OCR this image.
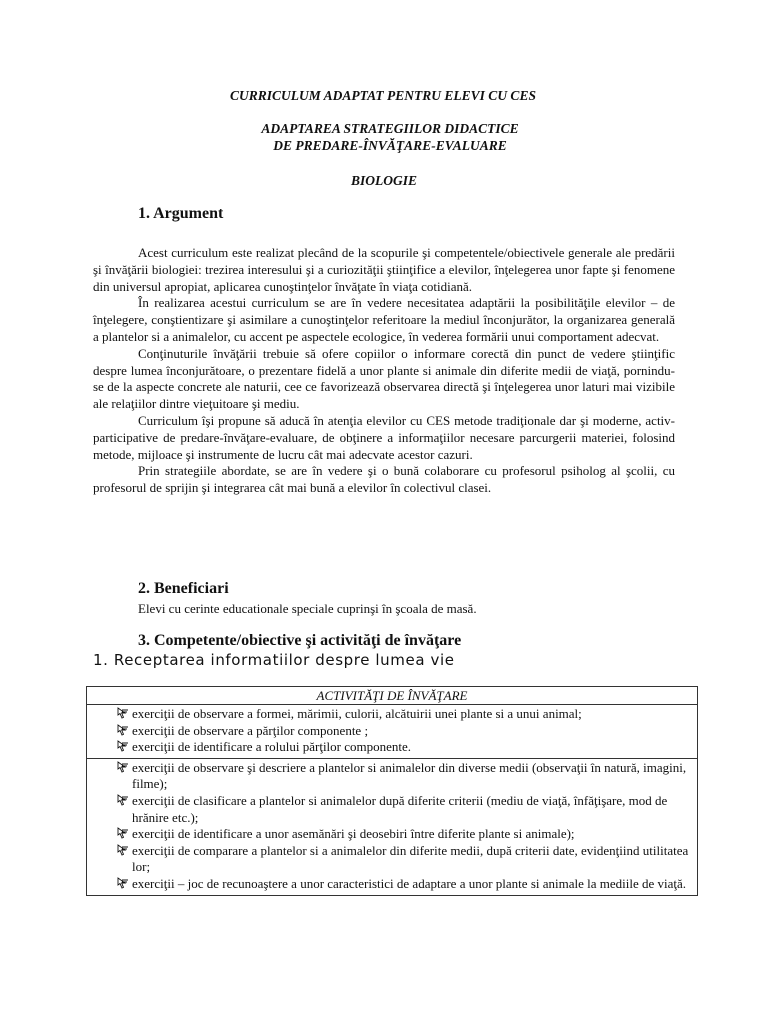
CURRICULUM ADAPTAT PENTRU ELEVI CU CES
ADAPTAREA STRATEGIILOR DIDACTICE
DE PREDARE-ÎNVĂŢARE-EVALUARE
BIOLOGIE
1. Argument

Acest curriculum este realizat plecând de la scopurile şi competentele/obiectivele generale ale predării şi învăţării biologiei: trezirea interesului şi a curiozităţii ştiinţifice a elevilor, înţelegerea unor fapte şi fenomene din universul apropiat, aplicarea cunoştinţelor învăţate în viaţa cotidiană.

În realizarea acestui curriculum se are în vedere necesitatea adaptării la posibilităţile elevilor – de înţelegere, conştientizare şi asimilare a cunoştinţelor referitoare la mediul înconjurător, la organizarea generală a plantelor si a animalelor, cu accent pe aspectele ecologice, în vederea formării unui comportament adecvat.

Conţinuturile învăţării trebuie să ofere copiilor o informare corectă din punct de vedere ştiinţific despre lumea înconjurătoare, o prezentare fidelă a unor plante si animale din diferite medii de viaţă, pornindu-se de la aspecte concrete ale naturii, cee ce favorizează observarea directă şi înţelegerea unor laturi mai vizibile ale relaţiilor dintre vieţuitoare şi mediu.

Curriculum îşi propune să aducă în atenţia elevilor cu CES metode tradiţionale dar şi moderne, activ-participative de predare-învăţare-evaluare, de obţinere a informaţiilor necesare parcurgerii materiei, folosind metode, mijloace şi instrumente de lucru cât mai adecvate acestor cazuri.

Prin strategiile abordate, se are în vedere şi o bună colaborare cu profesorul psiholog al şcolii, cu profesorul de sprijin şi integrarea cât mai bună a elevilor în colectivul clasei.

2. Beneficiari
Elevi cu cerinte educationale speciale cuprinşi în şcoala de masă.
3. Competente/obiective şi activităţi de învăţare
1. Receptarea informatiilor despre lumea vie
ACTIVITĂŢI DE ÎNVĂŢARE
exerciţii de observare a formei, mărimii, culorii, alcătuirii unei plante si a unui animal;
exerciţii de observare a părţilor componente ;
exerciţii de identificare a rolului părţilor componente.
exerciţii de observare şi descriere a plantelor si animalelor din diverse medii (observaţii în natură, imagini, filme);
exerciţii de clasificare a plantelor si animalelor după diferite criterii (mediu de viaţă, înfăţişare, mod de hrănire etc.);
exerciţii de identificare a unor asemănări şi deosebiri între diferite plante si animale);
exerciţii de comparare a plantelor si a animalelor din diferite medii, după criterii date, evidenţiind utilitatea lor;
exerciţii – joc de recunoaştere a unor caracteristici de adaptare a unor plante si animale la mediile de viaţă.
